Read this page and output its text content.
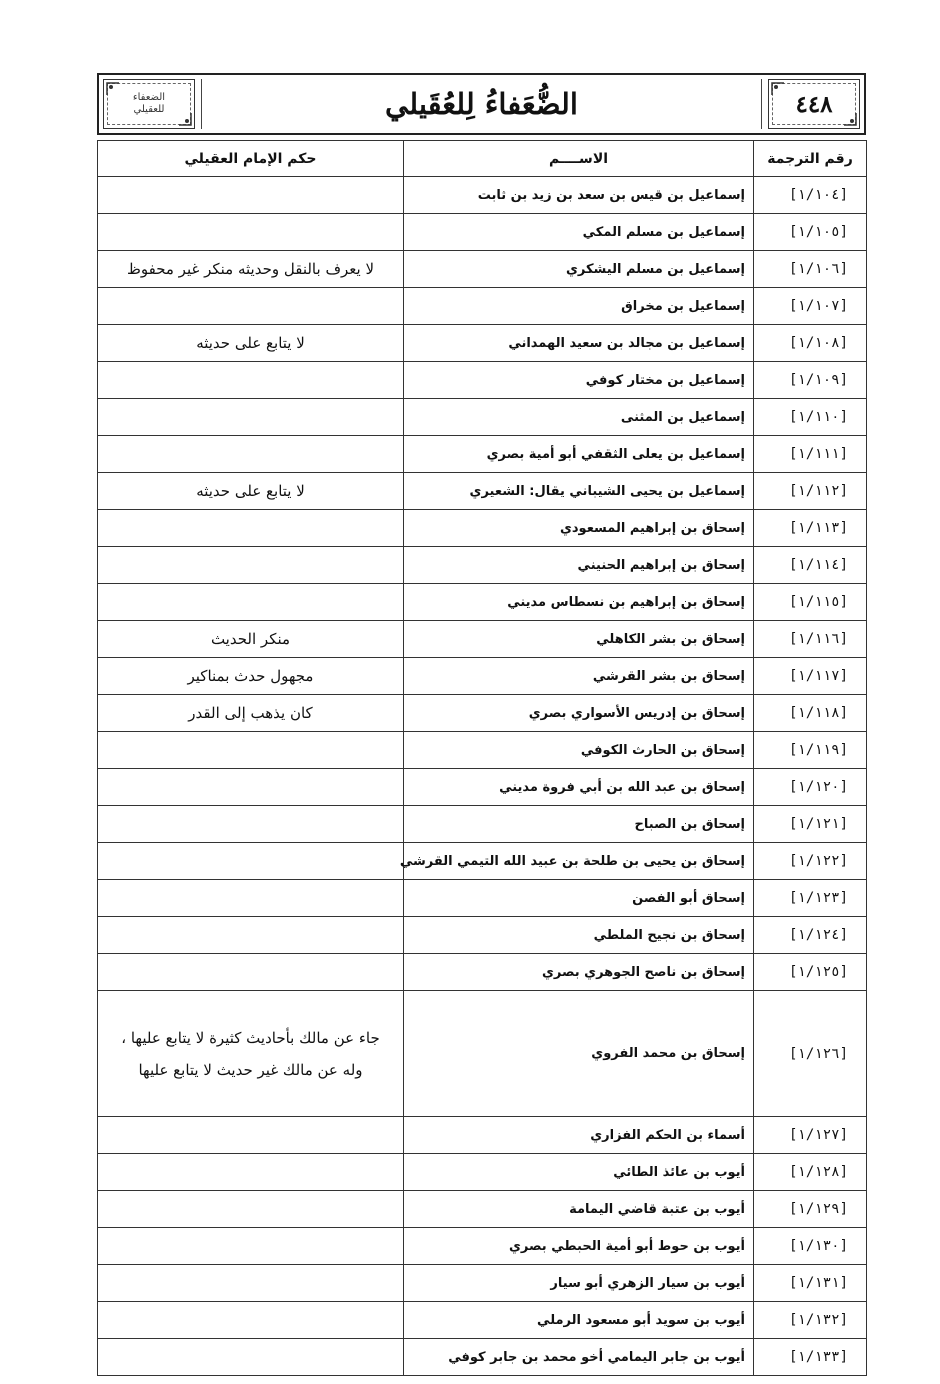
الضعفاء
للعقيلي	الضُّعَفاءُ لِلعُقَيلي	٤٤٨
رقم الترجمة	الاســــم	حكم الإمام العقيلي
[١/١٠٤]	إسماعيل بن قيس بن سعد بن زيد بن ثابت	
[١/١٠٥]	إسماعيل بن مسلم المكي	
[١/١٠٦]	إسماعيل بن مسلم اليشكري	لا يعرف بالنقل وحديثه منكر غير محفوظ
[١/١٠٧]	إسماعيل بن مخراق	
[١/١٠٨]	إسماعيل بن مجالد بن سعيد الهمداني	لا يتابع على حديثه
[١/١٠٩]	إسماعيل بن مختار كوفي	
[١/١١٠]	إسماعيل بن المثنى	
[١/١١١]	إسماعيل بن يعلى الثقفي أبو أمية بصري	
[١/١١٢]	إسماعيل بن يحيى الشيباني يقال: الشعيري	لا يتابع على حديثه
[١/١١٣]	إسحاق بن إبراهيم المسعودي	
[١/١١٤]	إسحاق بن إبراهيم الحنيني	
[١/١١٥]	إسحاق بن إبراهيم بن نسطاس مديني	
[١/١١٦]	إسحاق بن بشر الكاهلي	منكر الحديث
[١/١١٧]	إسحاق بن بشر القرشي	مجهول حدث بمناكير
[١/١١٨]	إسحاق بن إدريس الأسواري بصري	كان يذهب إلى القدر
[١/١١٩]	إسحاق بن الحارث الكوفي	
[١/١٢٠]	إسحاق بن عبد الله بن أبي فروة مديني	
[١/١٢١]	إسحاق بن الصباح	
[١/١٢٢]	إسحاق بن يحيى بن طلحة بن عبيد الله التيمي القرشي	
[١/١٢٣]	إسحاق أبو الفصن	
[١/١٢٤]	إسحاق بن نجيح الملطي	
[١/١٢٥]	إسحاق بن ناصح الجوهري بصري	
[١/١٢٦]	إسحاق بن محمد الفروي	جاء عن مالك بأحاديث كثيرة لا يتابع عليها ، وله عن مالك غير حديث لا يتابع عليها
[١/١٢٧]	أسماء بن الحكم الفزاري	
[١/١٢٨]	أيوب بن عائذ الطائي	
[١/١٢٩]	أيوب بن عتبة قاضي اليمامة	
[١/١٣٠]	أيوب بن حوط أبو أمية الحبطي بصري	
[١/١٣١]	أيوب بن سيار الزهري أبو سيار	
[١/١٣٢]	أيوب بن سويد أبو مسعود الرملي	
[١/١٣٣]	أيوب بن جابر اليمامي أخو محمد بن جابر كوفي	
